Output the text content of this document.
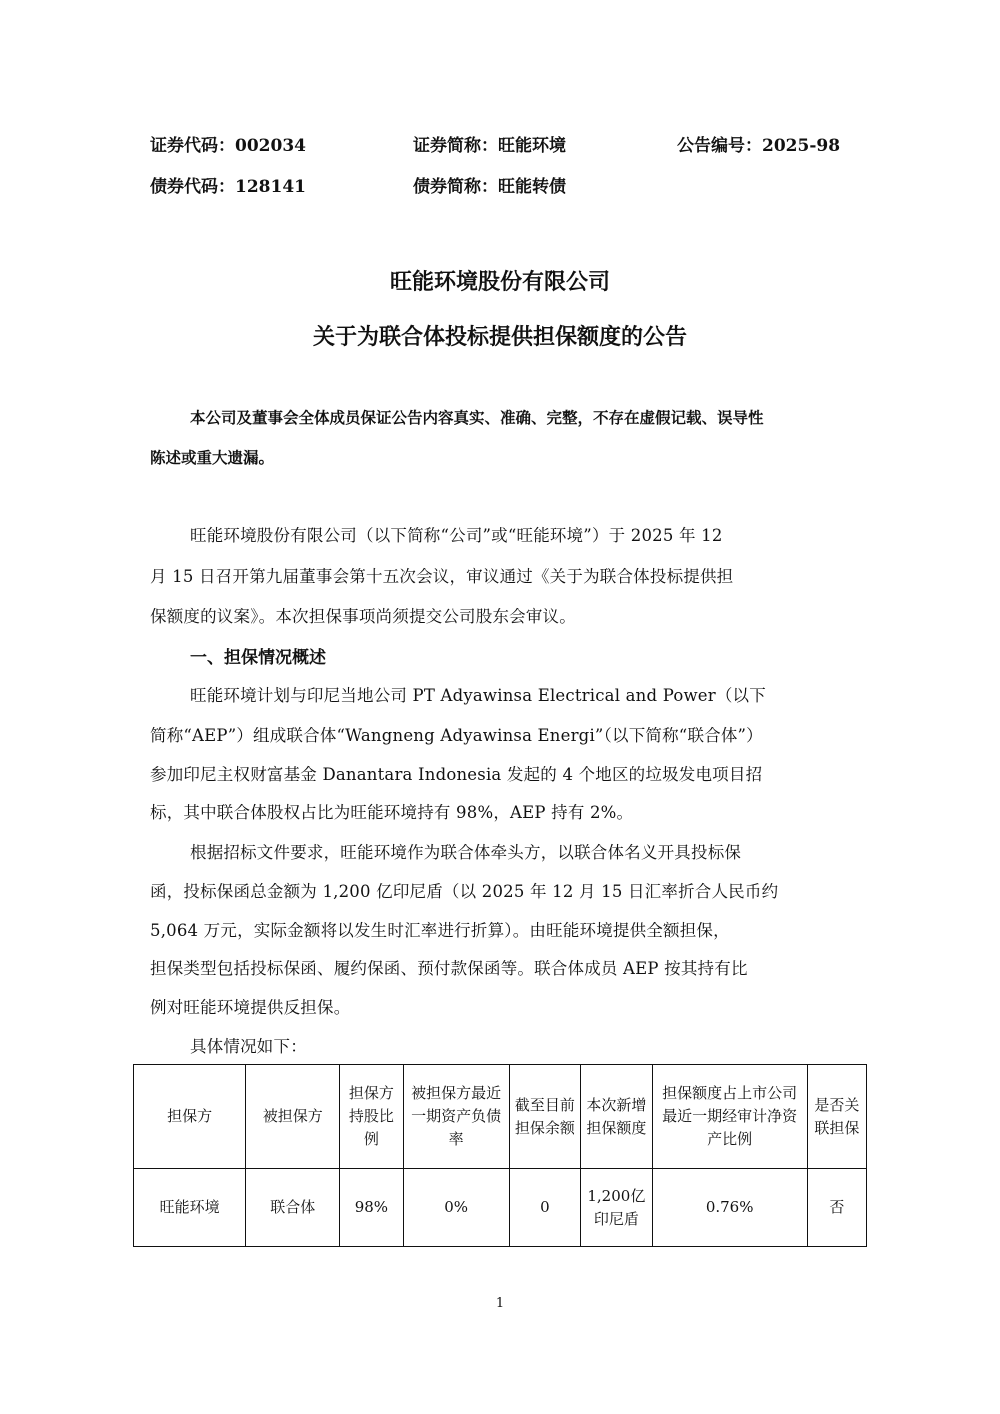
证券代码：002034	证券简称：旺能环境	公告编号：2025-98
债券代码：128141	债券简称：旺能转债
旺能环境股份有限公司
关于为联合体投标提供担保额度的公告
本公司及董事会全体成员保证公告内容真实、准确、完整，不存在虚假记载、误导性
陈述或重大遗漏。
旺能环境股份有限公司（以下简称“公司”或“旺能环境”）于 2025 年 12
月 15 日召开第九届董事会第十五次会议，审议通过《关于为联合体投标提供担
保额度的议案》。本次担保事项尚须提交公司股东会审议。
一、担保情况概述
旺能环境计划与印尼当地公司 PT Adyawinsa Electrical and Power（以下
简称“AEP”）组成联合体“Wangneng Adyawinsa Energi”（以下简称“联合体”）
参加印尼主权财富基金 Danantara Indonesia 发起的 4 个地区的垃圾发电项目招
标，其中联合体股权占比为旺能环境持有 98%，AEP 持有 2%。
根据招标文件要求，旺能环境作为联合体牵头方，以联合体名义开具投标保
函，投标保函总金额为 1,200 亿印尼盾（以 2025 年 12 月 15 日汇率折合人民币约
5,064 万元，实际金额将以发生时汇率进行折算）。由旺能环境提供全额担保，
担保类型包括投标保函、履约保函、预付款保函等。联合体成员 AEP 按其持有比
例对旺能环境提供反担保。
具体情况如下：
担保方	被担保方	担保方持股比例	被担保方最近一期资产负债率	截至目前担保余额	本次新增担保额度	担保额度占上市公司最近一期经审计净资产比例	是否关联担保
旺能环境	联合体	98%	0%	0	1,200亿印尼盾	0.76%	否
1
